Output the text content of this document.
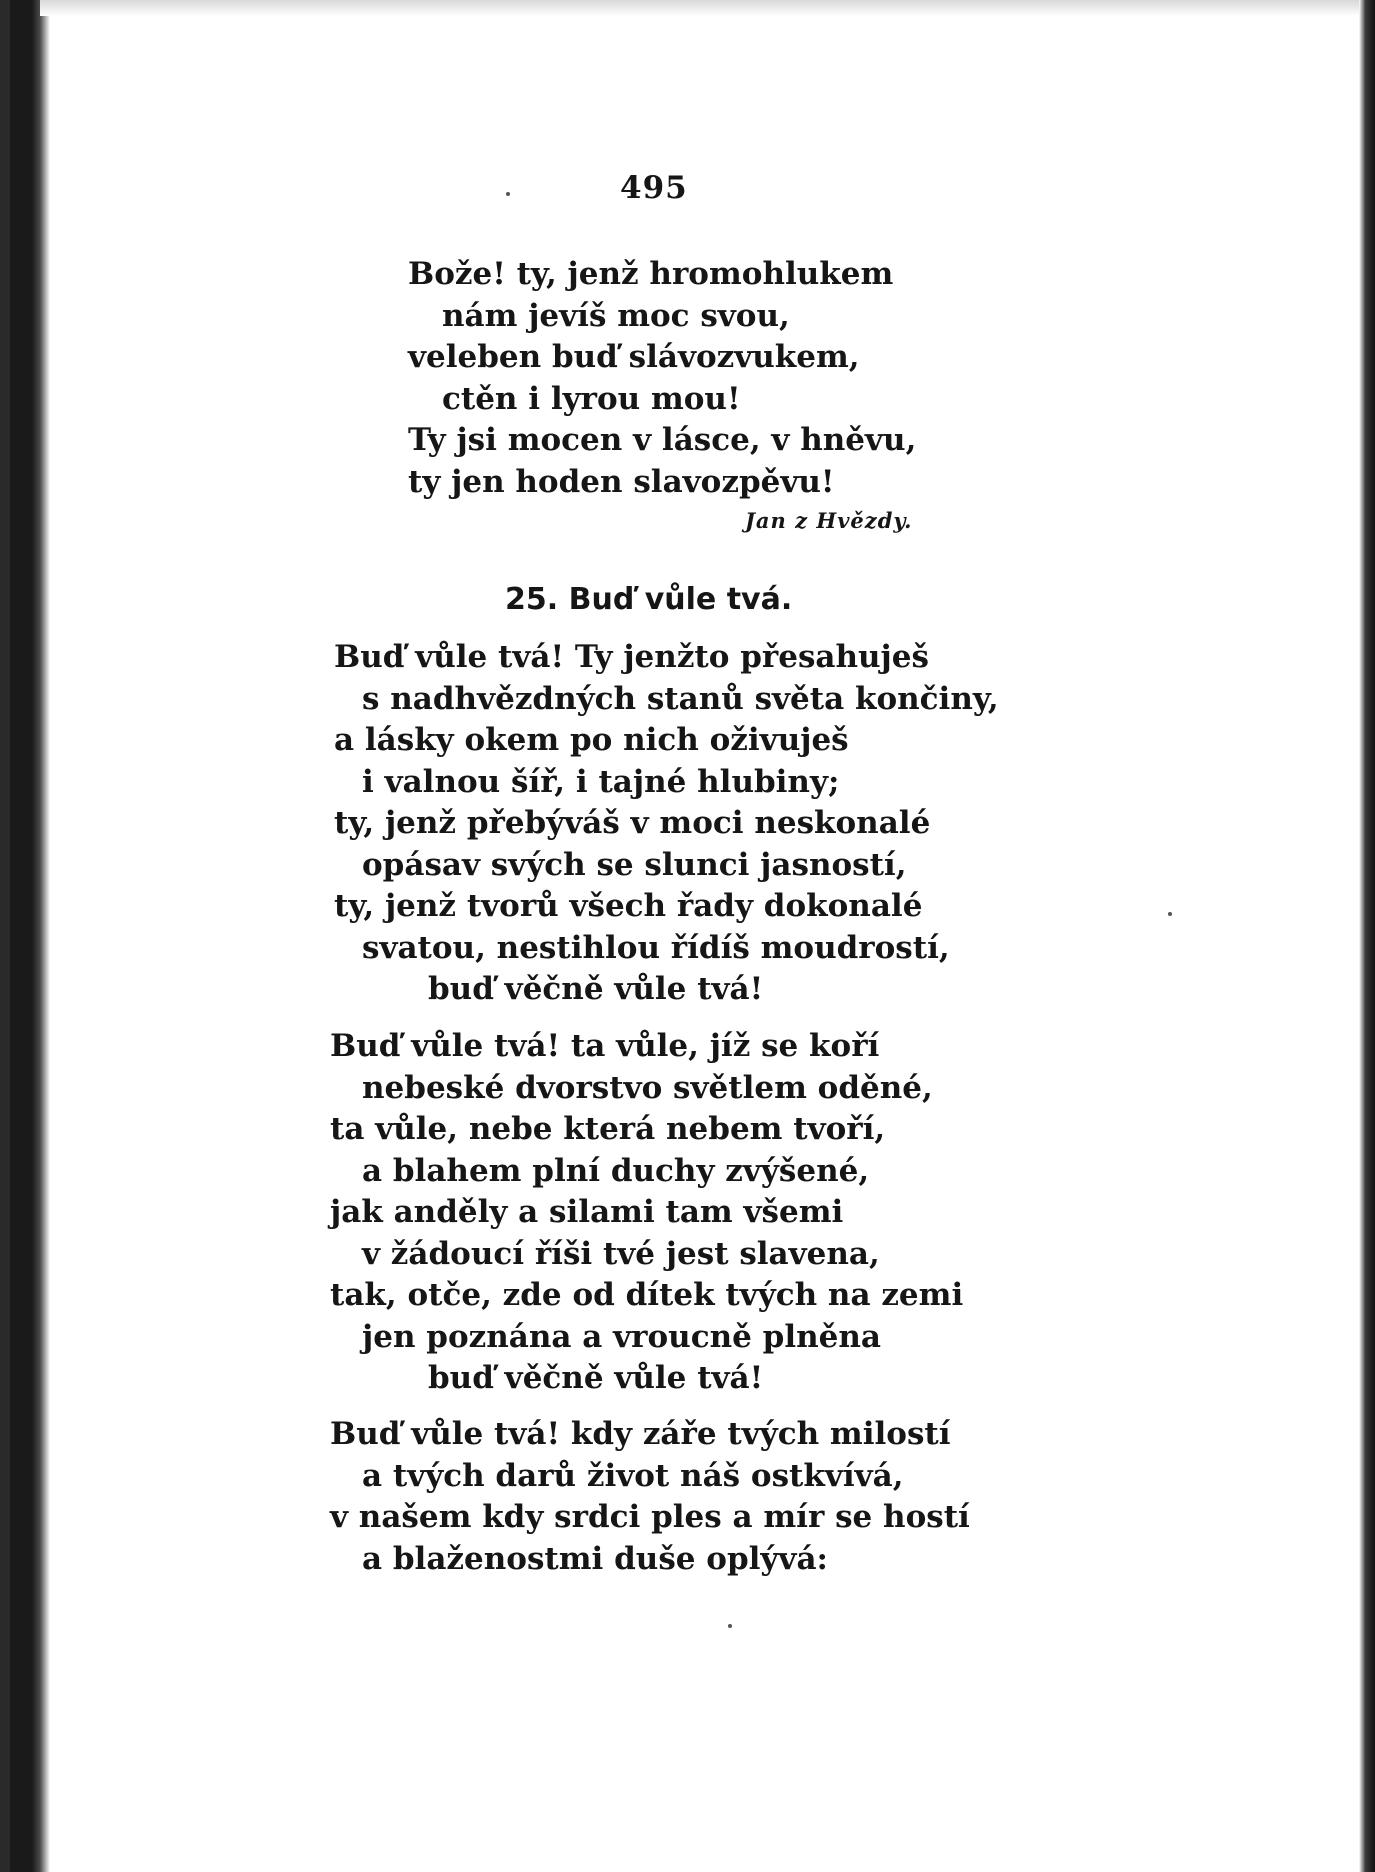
495
Bože! ty, jenž hromohlukem
nám jevíš moc svou,
veleben buď slávozvukem,
ctěn i lyrou mou!
Ty jsi mocen v lásce, v hněvu,
ty jen hoden slavozpěvu!
Jan z Hvězdy.
25. Buď vůle tvá.
Buď vůle tvá! Ty jenžto přesahuješ
s nadhvězdných stanů světa končiny,
a lásky okem po nich oživuješ
i valnou šíř, i tajné hlubiny;
ty, jenž přebýváš v moci neskonalé
opásav svých se slunci jasností,
ty, jenž tvorů všech řady dokonalé
svatou, nestihlou řídíš moudrostí,
buď věčně vůle tvá!
Buď vůle tvá! ta vůle, jíž se koří
nebeské dvorstvo světlem oděné,
ta vůle, nebe která nebem tvoří,
a blahem plní duchy zvýšené,
jak anděly a silami tam všemi
v žádoucí říši tvé jest slavena,
tak, otče, zde od dítek tvých na zemi
jen poznána a vroucně plněna
buď věčně vůle tvá!
Buď vůle tvá! kdy záře tvých milostí
a tvých darů život náš ostkvívá,
v našem kdy srdci ples a mír se hostí
a blaženostmi duše oplývá:
